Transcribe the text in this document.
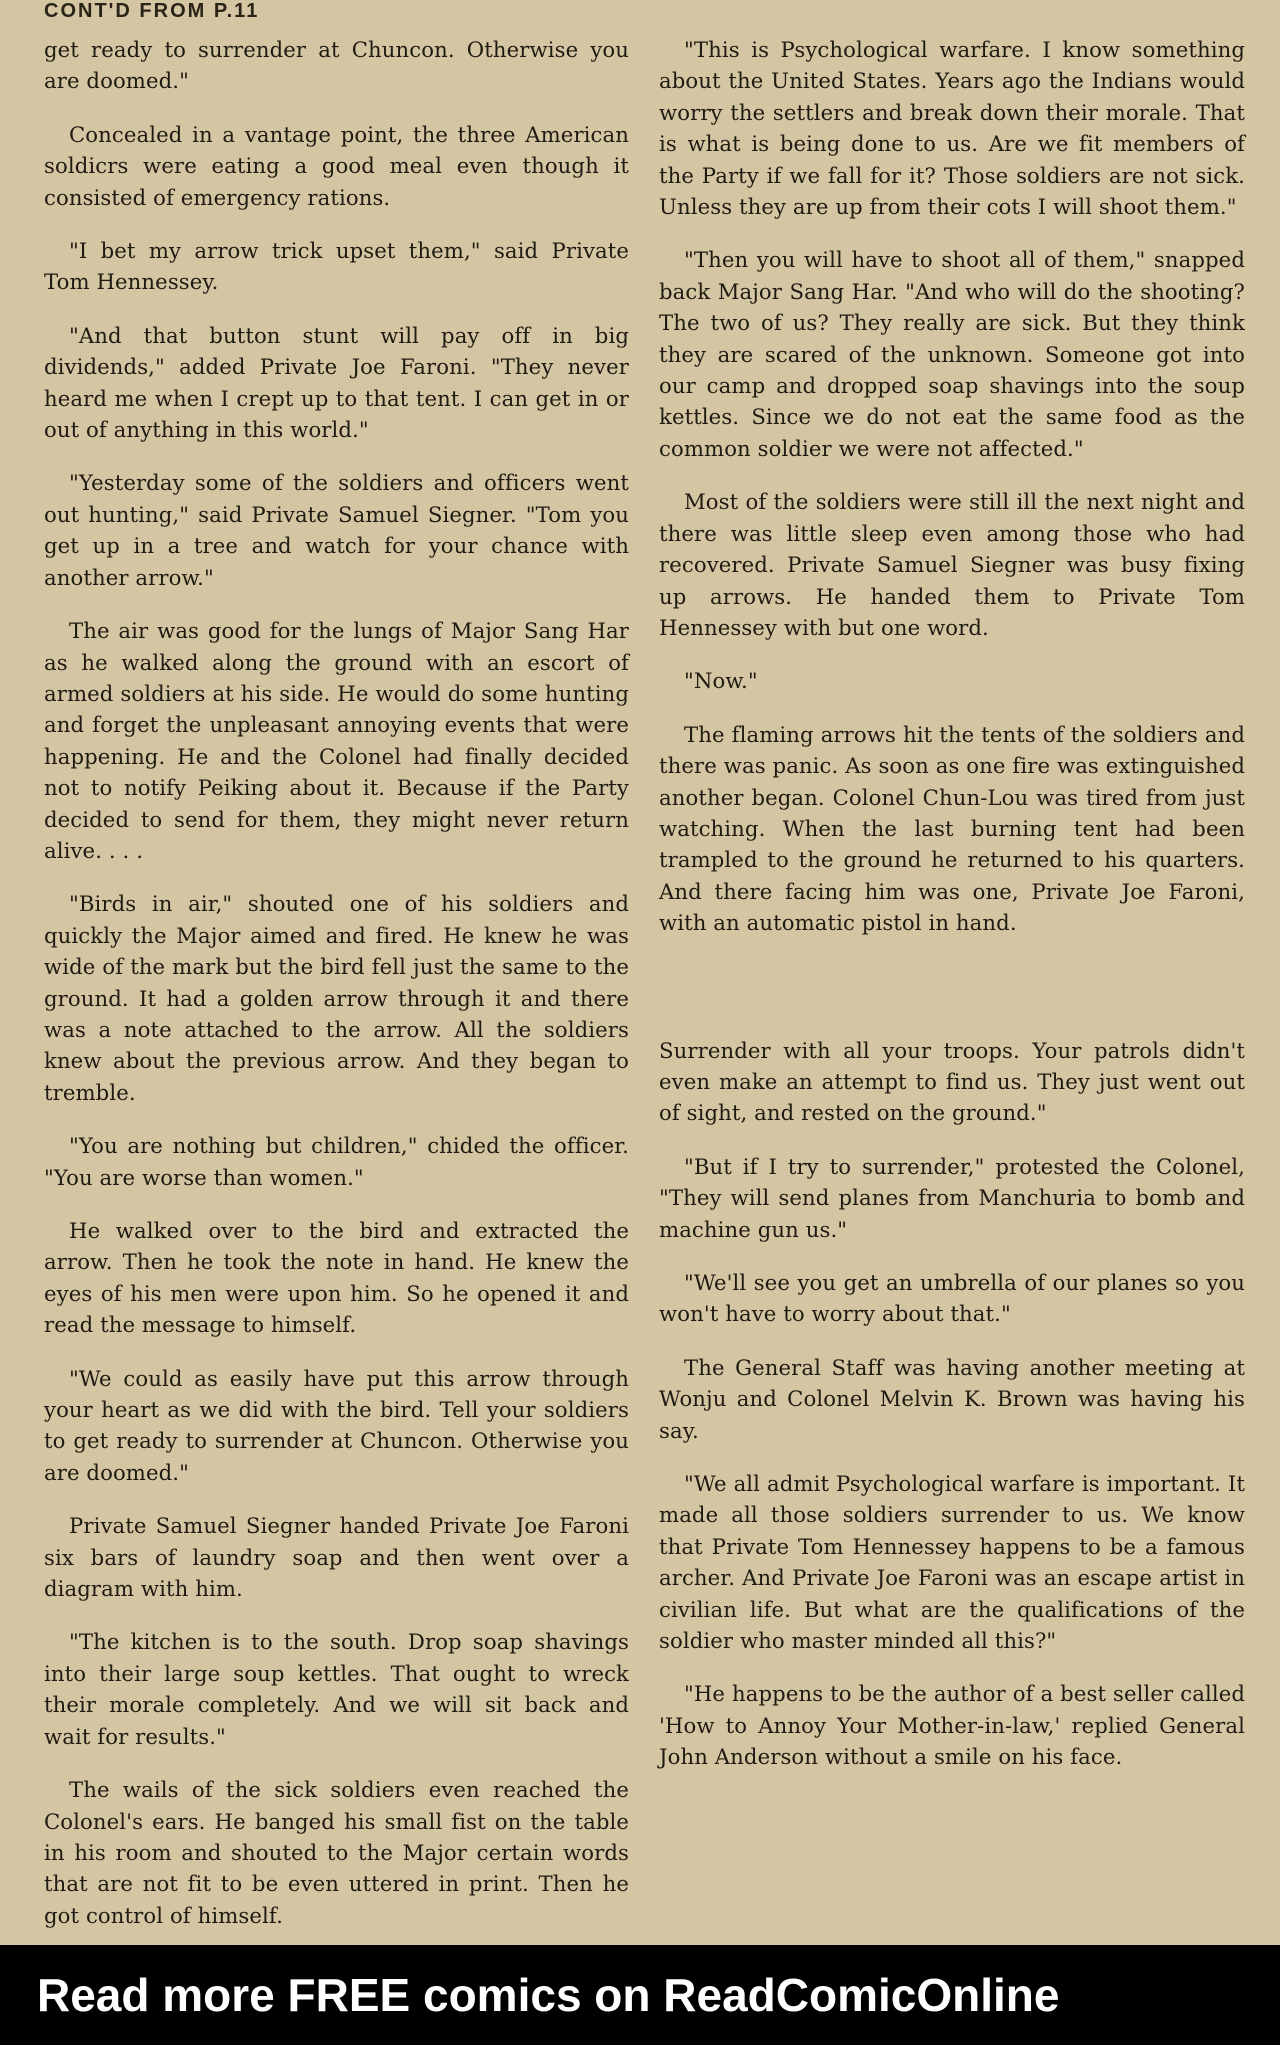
CONT'D FROM P.11

get ready to surrender at Chuncon. Otherwise you are doomed."

Concealed in a vantage point, the three American soldicrs were eating a good meal even though it consisted of emergency rations.

"I bet my arrow trick upset them," said Private Tom Hennessey.

"And that button stunt will pay off in big dividends," added Private Joe Faroni. "They never heard me when I crept up to that tent. I can get in or out of anything in this world."

"Yesterday some of the soldiers and officers went out hunting," said Private Samuel Siegner. "Tom you get up in a tree and watch for your chance with another arrow."

The air was good for the lungs of Major Sang Har as he walked along the ground with an escort of armed soldiers at his side. He would do some hunting and forget the unpleasant annoying events that were happening. He and the Colonel had finally decided not to notify Peiking about it. Because if the Party decided to send for them, they might never return alive. . . .

"Birds in air," shouted one of his soldiers and quickly the Major aimed and fired. He knew he was wide of the mark but the bird fell just the same to the ground. It had a golden arrow through it and there was a note attached to the arrow. All the soldiers knew about the previous arrow. And they began to tremble.

"You are nothing but children," chided the officer. "You are worse than women."

He walked over to the bird and extracted the arrow. Then he took the note in hand. He knew the eyes of his men were upon him. So he opened it and read the message to himself.

"We could as easily have put this arrow through your heart as we did with the bird. Tell your soldiers to get ready to surrender at Chuncon. Otherwise you are doomed."

Private Samuel Siegner handed Private Joe Faroni six bars of laundry soap and then went over a diagram with him.

"The kitchen is to the south. Drop soap shavings into their large soup kettles. That ought to wreck their morale completely. And we will sit back and wait for results."

The wails of the sick soldiers even reached the Colonel's ears. He banged his small fist on the table in his room and shouted to the Major certain words that are not fit to be even uttered in print. Then he got control of himself.

"This is Psychological warfare. I know something about the United States. Years ago the Indians would worry the settlers and break down their morale. That is what is being done to us. Are we fit members of the Party if we fall for it? Those soldiers are not sick. Unless they are up from their cots I will shoot them."

"Then you will have to shoot all of them," snapped back Major Sang Har. "And who will do the shooting? The two of us? They really are sick. But they think they are scared of the unknown. Someone got into our camp and dropped soap shavings into the soup kettles. Since we do not eat the same food as the common soldier we were not affected."

Most of the soldiers were still ill the next night and there was little sleep even among those who had recovered. Private Samuel Siegner was busy fixing up arrows. He handed them to Private Tom Hennessey with but one word.

"Now."

The flaming arrows hit the tents of the soldiers and there was panic. As soon as one fire was extinguished another began. Colonel Chun-Lou was tired from just watching. When the last burning tent had been trampled to the ground he returned to his quarters. And there facing him was one, Private Joe Faroni, with an automatic pistol in hand.

Surrender with all your troops. Your patrols didn't even make an attempt to find us. They just went out of sight, and rested on the ground."

"But if I try to surrender," protested the Colonel, "They will send planes from Manchuria to bomb and machine gun us."

"We'll see you get an umbrella of our planes so you won't have to worry about that."

The General Staff was having another meeting at Wonju and Colonel Melvin K. Brown was having his say.

"We all admit Psychological warfare is important. It made all those soldiers surrender to us. We know that Private Tom Hennessey happens to be a famous archer. And Private Joe Faroni was an escape artist in civilian life. But what are the qualifications of the soldier who master minded all this?"

"He happens to be the author of a best seller called 'How to Annoy Your Mother-in-law,' replied General John Anderson without a smile on his face.

Read more FREE comics on ReadComicOnline
